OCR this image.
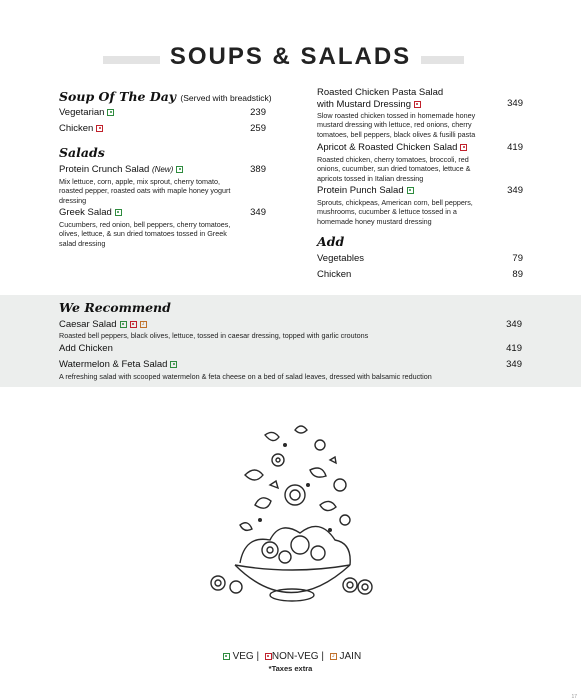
SOUPS & SALADS
Soup Of The Day (Served with breadstick)
Vegetarian	239
Chicken	259
Salads
Protein Crunch Salad (New)	389
Mix lettuce, corn, apple, mix sprout, cherry tomato, roasted pepper, roasted oats with maple honey yogurt dressing
Greek Salad	349
Cucumbers, red onion, bell peppers, cherry tomatoes, olives, lettuce, & sun dried tomatoes tossed in Greek salad dressing
Roasted Chicken Pasta Salad
with Mustard Dressing	349
Slow roasted chicken tossed in homemade honey mustard dressing with lettuce, red onions, cherry tomatoes, bell peppers, black olives & fusilli pasta
Apricot & Roasted Chicken Salad	419
Roasted chicken, cherry tomatoes, broccoli, red onions, cucumber, sun dried tomatoes, lettuce & apricots tossed in Italian dressing
Protein Punch Salad	349
Sprouts, chickpeas, American corn, bell peppers, mushrooms, cucumber & lettuce tossed in a homemade honey mustard dressing
Add
Vegetables	79
Chicken	89
We Recommend
Caesar Salad	J	349
Roasted bell peppers, black olives, lettuce, tossed in caesar dressing, topped with garlic croutons
Add Chicken	419
Watermelon & Feta Salad	349
A refreshing salad with scooped watermelon & feta cheese on a bed of salad leaves, dressed with balsamic reduction
VEG | NON-VEG | J JAIN
*Taxes extra
17
